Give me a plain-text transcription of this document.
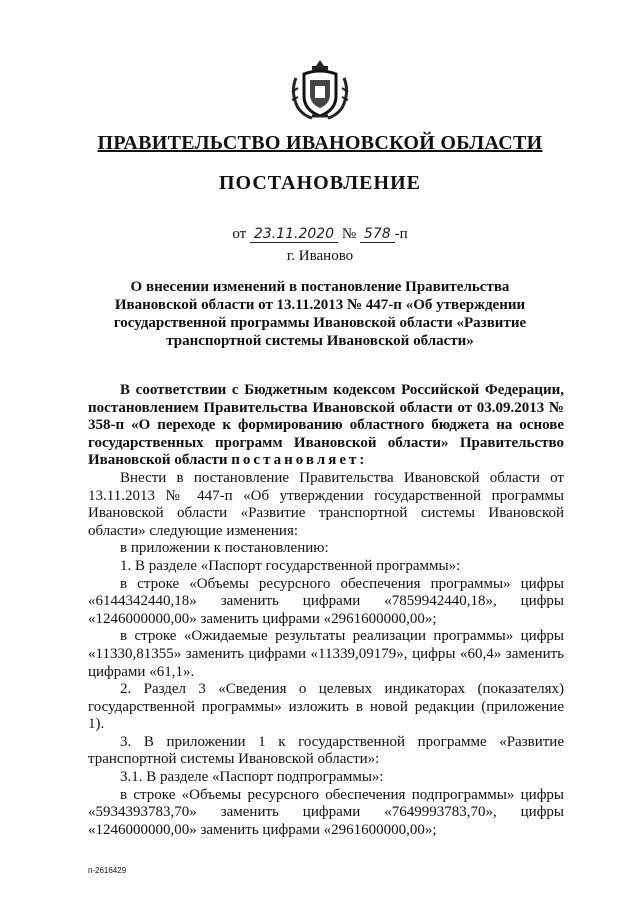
ПРАВИТЕЛЬСТВО ИВАНОВСКОЙ ОБЛАСТИ
ПОСТАНОВЛЕНИЕ
от 23.11.2020 № 578 -п
г. Иваново
О внесении изменений в постановление Правительства Ивановской области от 13.11.2013 № 447-п «Об утверждении государственной программы Ивановской области «Развитие транспортной системы Ивановской области»

В соответствии с Бюджетным кодексом Российской Федерации, постановлением Правительства Ивановской области от 03.09.2013 № 358-п «О переходе к формированию областного бюджета на основе государственных программ Ивановской области» Правительство Ивановской области постановляет:

Внести в постановление Правительства Ивановской области от 13.11.2013 № 447-п «Об утверждении государственной программы Ивановской области «Развитие транспортной системы Ивановской области» следующие изменения:

в приложении к постановлению:

1. В разделе «Паспорт государственной программы»:

в строке «Объемы ресурсного обеспечения программы» цифры «6144342440,18» заменить цифрами «7859942440,18», цифры «1246000000,00» заменить цифрами «2961600000,00»;

в строке «Ожидаемые результаты реализации программы» цифры «11330,81355» заменить цифрами «11339,09179», цифры «60,4» заменить цифрами «61,1».

2. Раздел 3 «Сведения о целевых индикаторах (показателях) государственной программы» изложить в новой редакции (приложение 1).

3. В приложении 1 к государственной программе «Развитие транспортной системы Ивановской области»:

3.1. В разделе «Паспорт подпрограммы»:

в строке «Объемы ресурсного обеспечения подпрограммы» цифры «5934393783,70» заменить цифрами «7649993783,70», цифры «1246000000,00» заменить цифрами «2961600000,00»;

п-2616429
